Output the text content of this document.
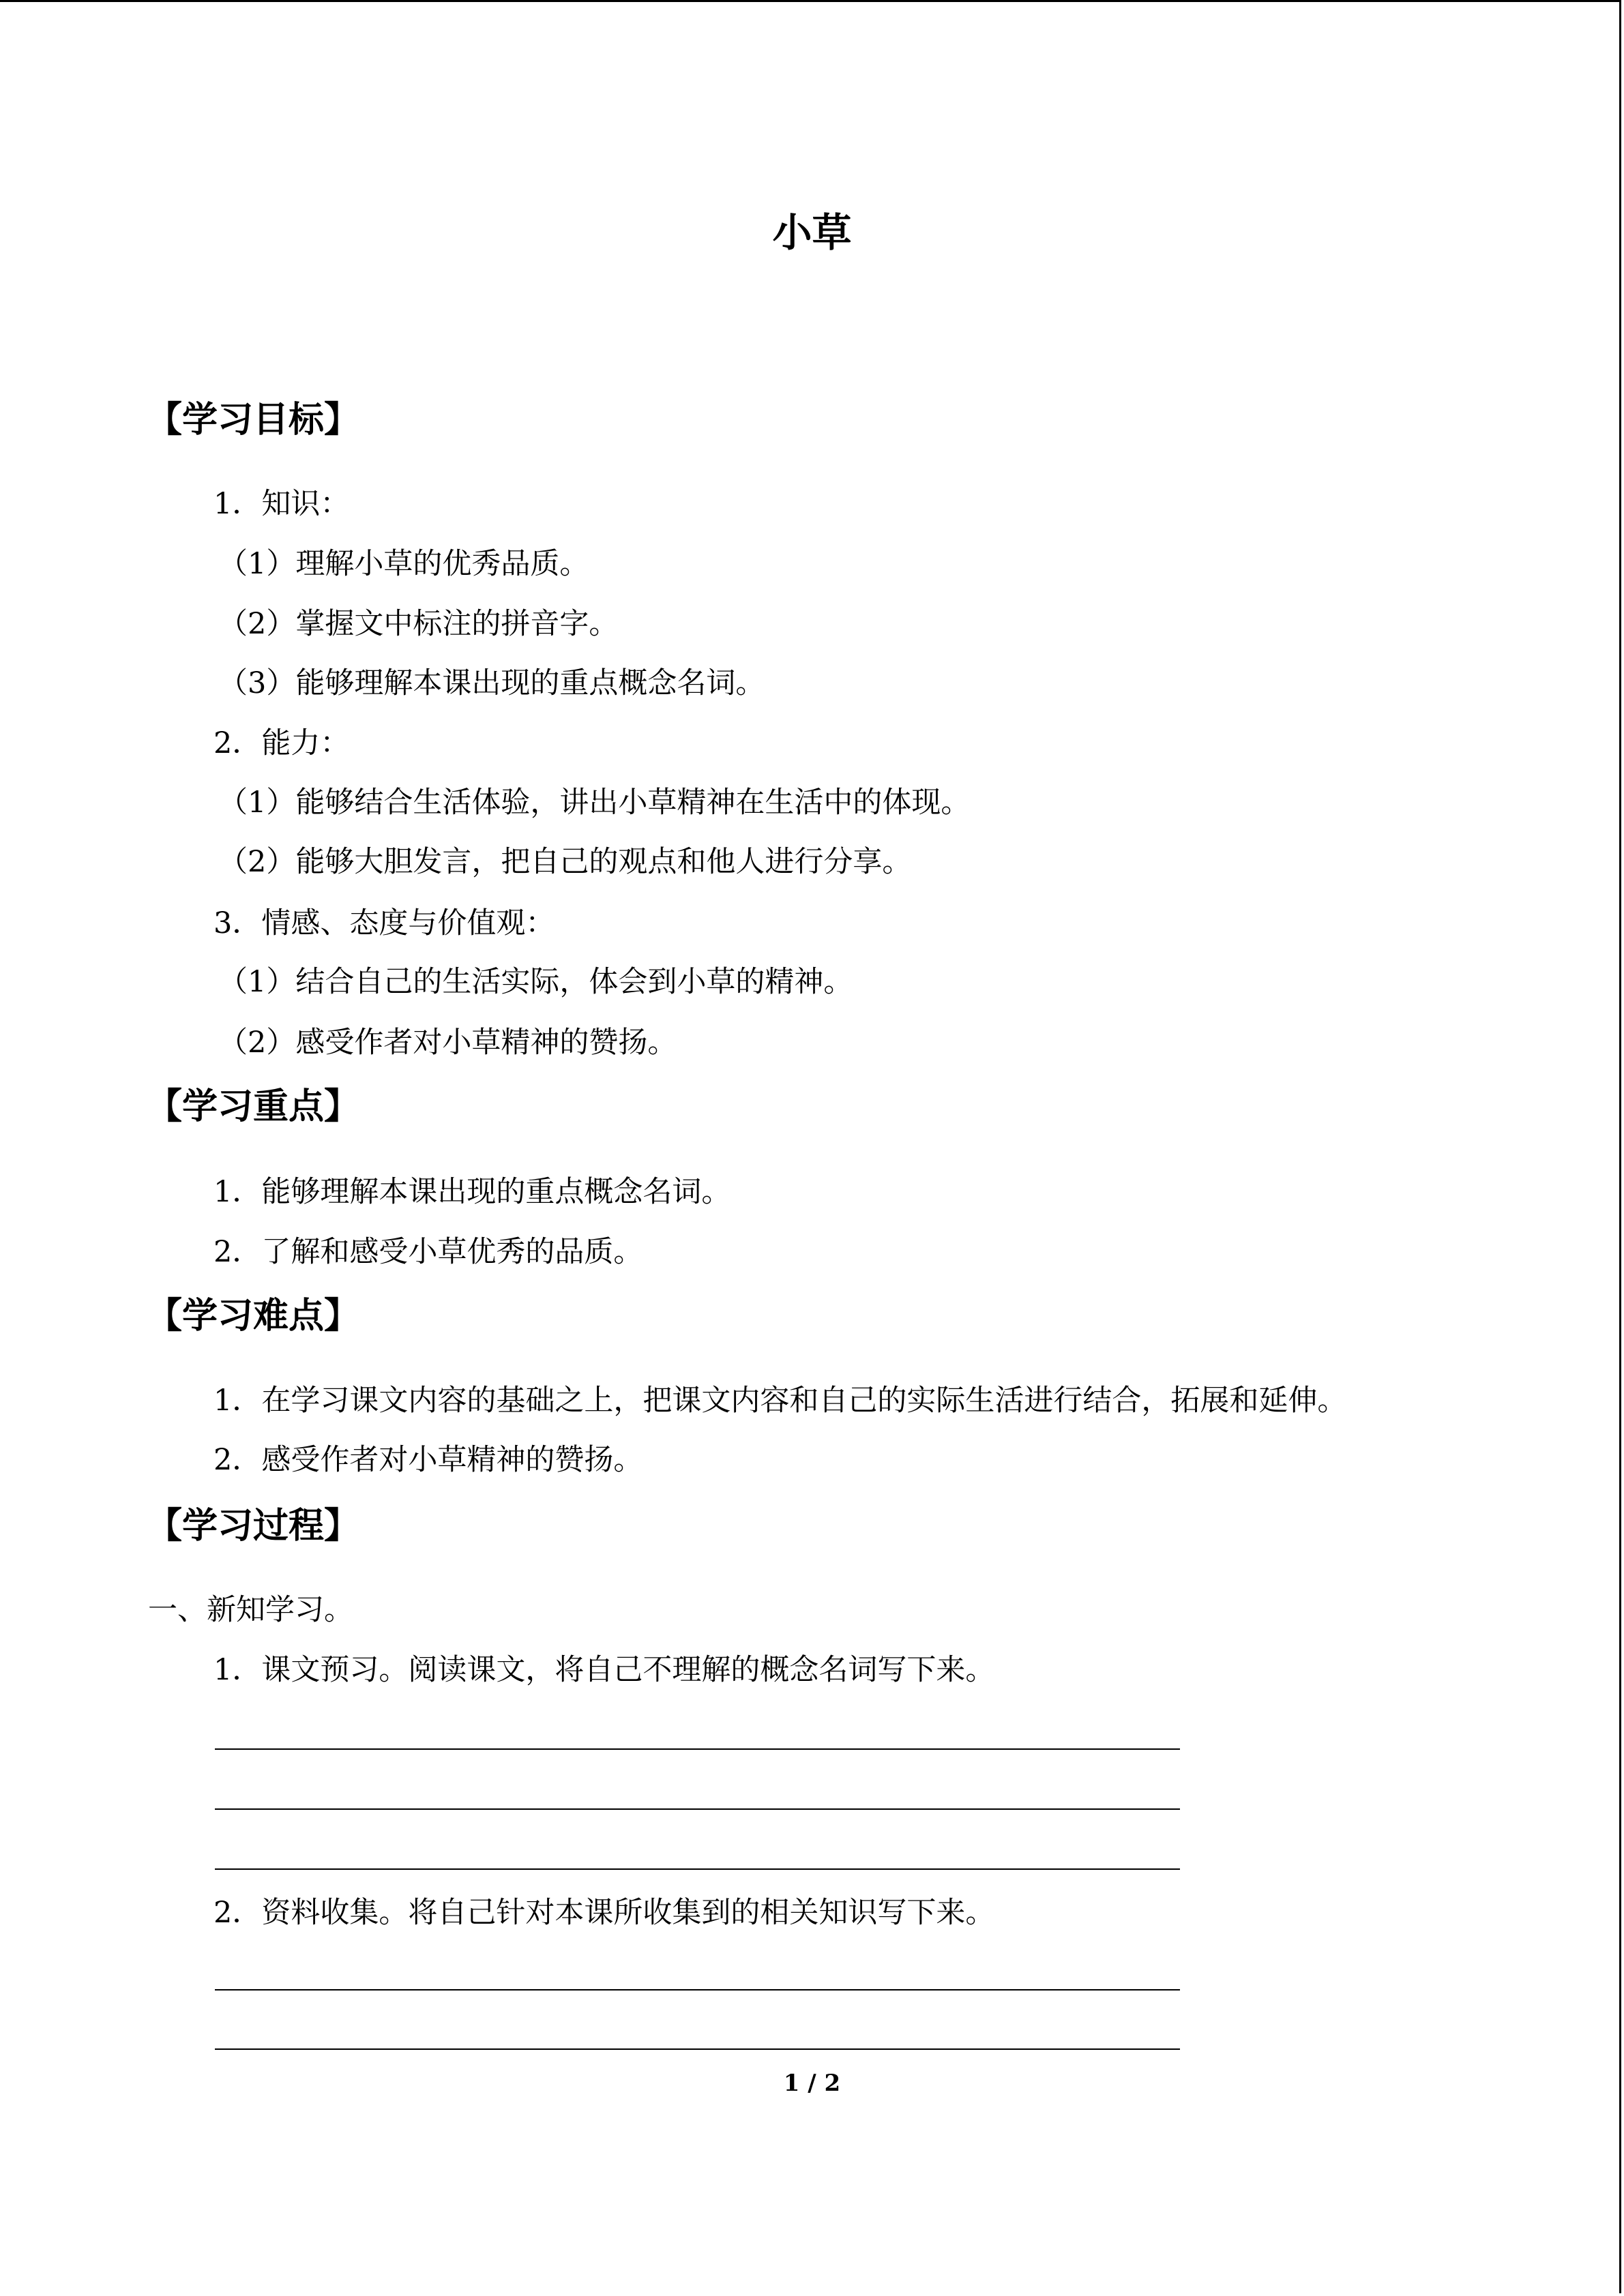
小草
【学习目标】
1．知识：
（1）理解小草的优秀品质。
（2）掌握文中标注的拼音字。
（3）能够理解本课出现的重点概念名词。
2．能力：
（1）能够结合生活体验，讲出小草精神在生活中的体现。
（2）能够大胆发言，把自己的观点和他人进行分享。
3．情感、态度与价值观：
（1）结合自己的生活实际，体会到小草的精神。
（2）感受作者对小草精神的赞扬。
【学习重点】
1．能够理解本课出现的重点概念名词。
2．了解和感受小草优秀的品质。
【学习难点】
1．在学习课文内容的基础之上，把课文内容和自己的实际生活进行结合，拓展和延伸。
2．感受作者对小草精神的赞扬。
【学习过程】
一、新知学习。
1．课文预习。阅读课文，将自己不理解的概念名词写下来。
2．资料收集。将自己针对本课所收集到的相关知识写下来。
1 / 2
